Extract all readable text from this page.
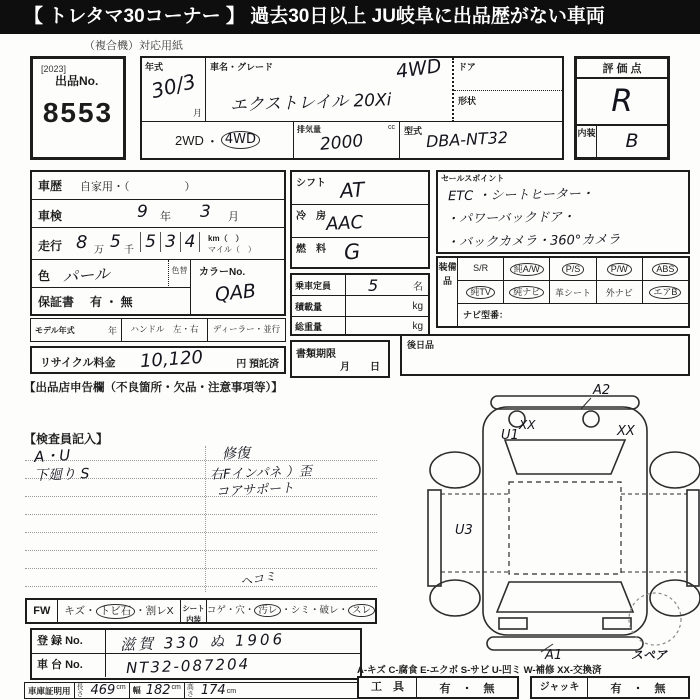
【 トレタマ30コーナー 】 過去30日以上 JU岐阜に出品歴がない車両
（複合機）対応用紙
[2023]
出品No.
8553
年式
30/3
月
車名・グレード
エクストレイル 20Xi
4WD ドア
形状
2WD ・ 4WD
排気量	cc
2000
型式 DBA-NT32
評 価 点
R
内装	B
車歴 自家用・（　　　　　）
車検	9 年 3 月
走行 8 万 5 千 5 3 4	km（　）
マイル（　）
色 パール	色替
保証書 有 ・ 無
カラーNo.
QAB
モデル年式	年	ハンドル　左・右	ディーラー・並行
リサイクル料金 10,120	円 預託済
【出品店申告欄（不良箇所・欠品・注意事項等）】
シフト AT
冷　房 AAC
燃　料 G
乗車定員	5	名
積載量	kg
総重量	kg
書類期限
月　　日
セールスポイント
ETC ・シートヒーター・
・パワーバックドア・
・バックカメラ・360°カメラ
装備品
S/R	純A/W	P/S	P/W	ABS
純TV	純ナビ	革シート	外ナビ	エアB
ナビ型番：
後日品
【検査員記入】
A・U
下廻り S
修復
右Fインパネ ）歪
コアサポート
ヘコミ
A2
U1
XX	XX
U3
A1	スペア
FW	キズ・ トビ石 ・割レX	シート内装
コゲ・穴・ 汚レ ・シミ・破レ・ スレ
登 録 No.	滋賀 330 ぬ 1906
車 台 No.	NT32-087204
車庫証明用 長さ 469 cm 幅 182 cm 高さ 174 cm
A-キズ C-腐食 E-エクボ S-サビ U-凹ミ W-補修 XX-交換済
工　具	有　・　無	ジャッキ	有　・　無
